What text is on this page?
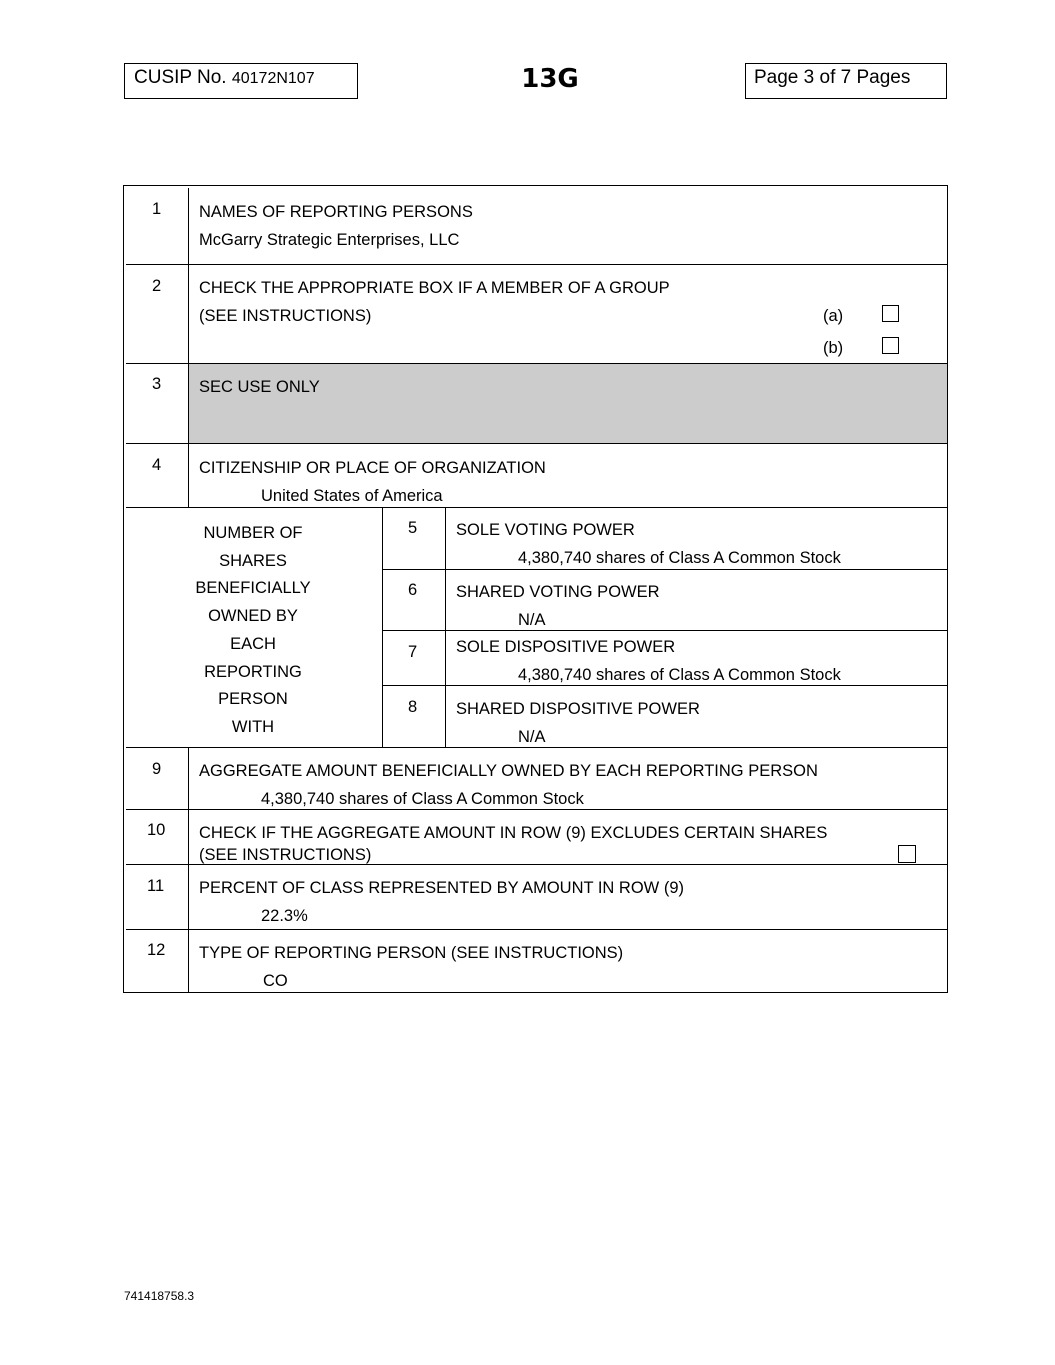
CUSIP No. 40172N107	13G	Page 3 of 7 Pages
1 NAMES OF REPORTING PERSONS
McGarry Strategic Enterprises, LLC
2 CHECK THE APPROPRIATE BOX IF A MEMBER OF A GROUP
(SEE INSTRUCTIONS)	(a)
(b)
3 SEC USE ONLY
4 CITIZENSHIP OR PLACE OF ORGANIZATION
United States of America
NUMBER OF
SHARES
BENEFICIALLY
OWNED BY
EACH
REPORTING
PERSON
WITH
5 SOLE VOTING POWER
4,380,740 shares of Class A Common Stock
6 SHARED VOTING POWER
N/A
7 SOLE DISPOSITIVE POWER
4,380,740 shares of Class A Common Stock
8 SHARED DISPOSITIVE POWER
N/A
9 AGGREGATE AMOUNT BENEFICIALLY OWNED BY EACH REPORTING PERSON
4,380,740 shares of Class A Common Stock
10 CHECK IF THE AGGREGATE AMOUNT IN ROW (9) EXCLUDES CERTAIN SHARES
(SEE INSTRUCTIONS)
11 PERCENT OF CLASS REPRESENTED BY AMOUNT IN ROW (9)
22.3%
12 TYPE OF REPORTING PERSON (SEE INSTRUCTIONS)
CO
741418758.3
